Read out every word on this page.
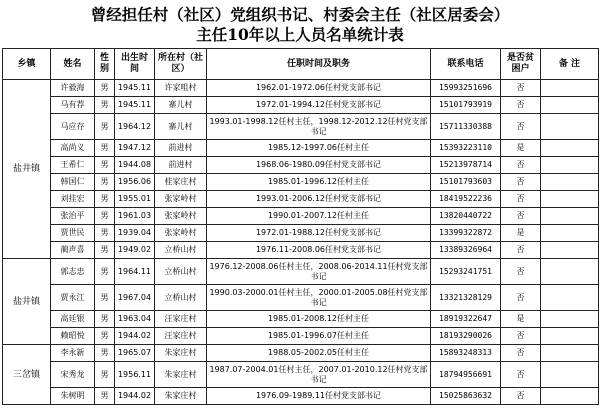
曾经担任村（社区）党组织书记、村委会主任（社区居委会）
主任10年以上人员名单统计表
乡镇	姓名	性别	出生时间	所在村（社区）	任职时间及职务	联系电话	是否贫困户	备 注
盐井镇	许毅海	男	1945.11	许家咀村	1962.01-1972.06任村党支部书记	15993251696	否	
	马有荐	男	1945.11	寨儿村	1972.01-1994.12任村党支部书记	15101793919	否	
	马应存	男	1964.12	寨儿村	1993.01-1998.12任村主任，1998.12-2012.12任村党支部书记	15711330388	否	
	高尚义	男	1947.12	前进村	1985.12-1997.06任村主任	15393223110	是	
	王希仁	男	1944.08	前进村	1968.06-1980.09任村党支部书记	15213978714	否	
	韩国仁	男	1956.06	桂家庄村	1985.01-1996.12任村主任	15101793603	否	
	刘挂宏	男	1955.01	张家岭村	1993.01-2006.12任村党支部书记	18419522236	否	
	张治平	男	1961.03	张家岭村	1990.01-2007.12任村主任	13820440722	否	
	贾世民	男	1939.04	张家岭村	1972.01-1988.12任村党支部书记	13399322872	是	
	蔺声喜	男	1949.02	立桥山村	1976.11-2008.06任村党支部书记	13389326964	否	
盐井镇	郭志忠	男	1964.11	立桥山村	1976.12-2008.06任村主任，2008.06-2014.11任村党支部书记	15293241751	否	
	贾永江	男	1967.04	立桥山村	1990.03-2000.01任村主任，2000.01-2005.08任村党支部书记	13321328129	否	
	高廷银	男	1963.04	汪家庄村	1985.01-2008.12任村主任	18919322647	是	
	赖昭悦	男	1944.02	汪家庄村	1985.01-1996.07任村主任	18193290026	否	
三岔镇	李永新	男	1965.07	朱家庄村	1988.05-2002.05任村主任	15893248313	否	
	宋秀龙	男	1956.11	朱家庄村	1987.07-2004.01任村主任，2007.01-2010.12任村党支部书记	18794956691	否	
	朱树明	男	1944.02	朱家庄村	1976.09-1989.11任村党支部书记	15025863632	否	
